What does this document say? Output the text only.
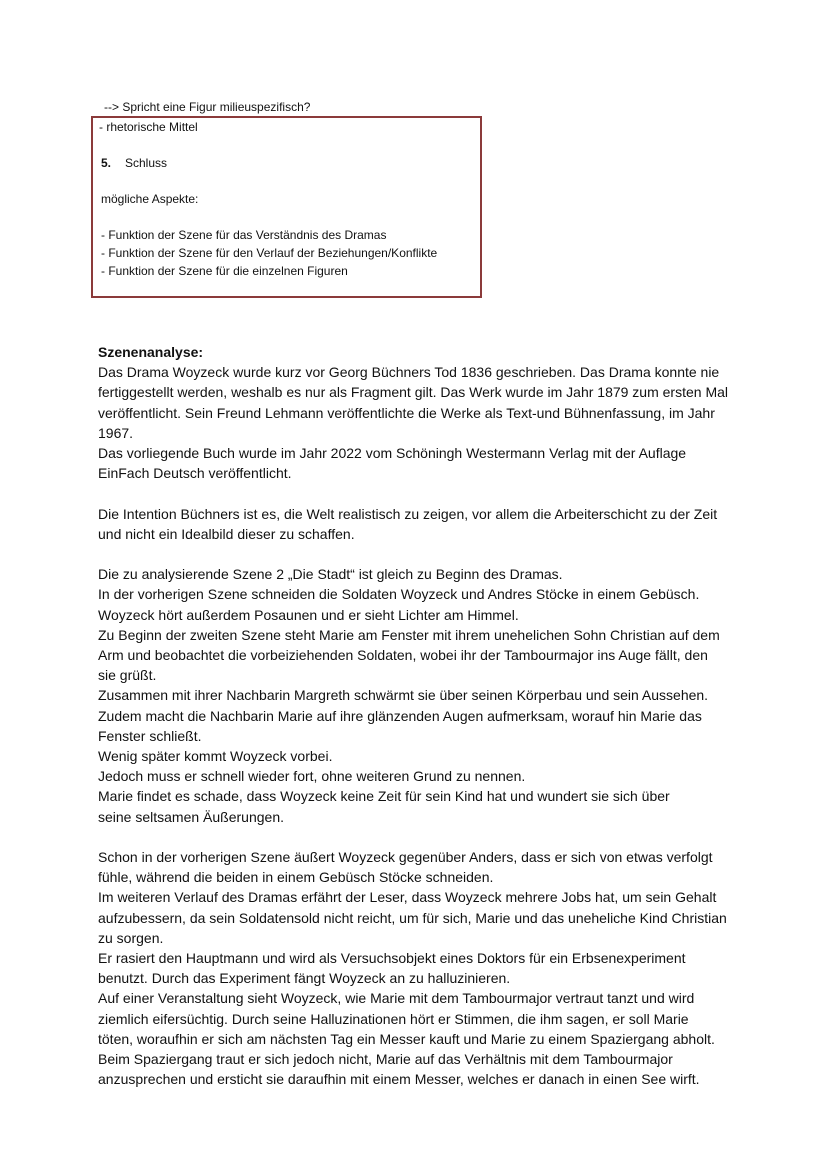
--> Spricht eine Figur milieuspezifisch?
- rhetorische Mittel
5. Schluss
mögliche Aspekte:
- Funktion der Szene für das Verständnis des Dramas
- Funktion der Szene für den Verlauf der Beziehungen/Konflikte
- Funktion der Szene für die einzelnen Figuren
Szenenanalyse:

Das Drama Woyzeck wurde kurz vor Georg Büchners Tod 1836 geschrieben. Das Drama konnte nie

fertiggestellt werden, weshalb es nur als Fragment gilt. Das Werk wurde im Jahr 1879 zum ersten Mal

veröffentlicht. Sein Freund Lehmann veröffentlichte die Werke als Text-und Bühnenfassung, im Jahr

1967.

Das vorliegende Buch wurde im Jahr 2022 vom Schöningh Westermann Verlag mit der Auflage

EinFach Deutsch veröffentlicht.

Die Intention Büchners ist es, die Welt realistisch zu zeigen, vor allem die Arbeiterschicht zu der Zeit

und nicht ein Idealbild dieser zu schaffen.

Die zu analysierende Szene 2 „Die Stadt“ ist gleich zu Beginn des Dramas.

In der vorherigen Szene schneiden die Soldaten Woyzeck und Andres Stöcke in einem Gebüsch.

Woyzeck hört außerdem Posaunen und er sieht Lichter am Himmel.

Zu Beginn der zweiten Szene steht Marie am Fenster mit ihrem unehelichen Sohn Christian auf dem

Arm und beobachtet die vorbeiziehenden Soldaten, wobei ihr der Tambourmajor ins Auge fällt, den

sie grüßt.

Zusammen mit ihrer Nachbarin Margreth schwärmt sie über seinen Körperbau und sein Aussehen.

Zudem macht die Nachbarin Marie auf ihre glänzenden Augen aufmerksam, worauf hin Marie das

Fenster schließt.

Wenig später kommt Woyzeck vorbei.

Jedoch muss er schnell wieder fort, ohne weiteren Grund zu nennen.

Marie findet es schade, dass Woyzeck keine Zeit für sein Kind hat und wundert sie sich über

seine seltsamen Äußerungen.

Schon in der vorherigen Szene äußert Woyzeck gegenüber Anders, dass er sich von etwas verfolgt

fühle, während die beiden in einem Gebüsch Stöcke schneiden.

Im weiteren Verlauf des Dramas erfährt der Leser, dass Woyzeck mehrere Jobs hat, um sein Gehalt

aufzubessern, da sein Soldatensold nicht reicht, um für sich, Marie und das uneheliche Kind Christian

zu sorgen.

Er rasiert den Hauptmann und wird als Versuchsobjekt eines Doktors für ein Erbsenexperiment

benutzt. Durch das Experiment fängt Woyzeck an zu halluzinieren.

Auf einer Veranstaltung sieht Woyzeck, wie Marie mit dem Tambourmajor vertraut tanzt und wird

ziemlich eifersüchtig. Durch seine Halluzinationen hört er Stimmen, die ihm sagen, er soll Marie

töten, woraufhin er sich am nächsten Tag ein Messer kauft und Marie zu einem Spaziergang abholt.

Beim Spaziergang traut er sich jedoch nicht, Marie auf das Verhältnis mit dem Tambourmajor

anzusprechen und ersticht sie daraufhin mit einem Messer, welches er danach in einen See wirft.
